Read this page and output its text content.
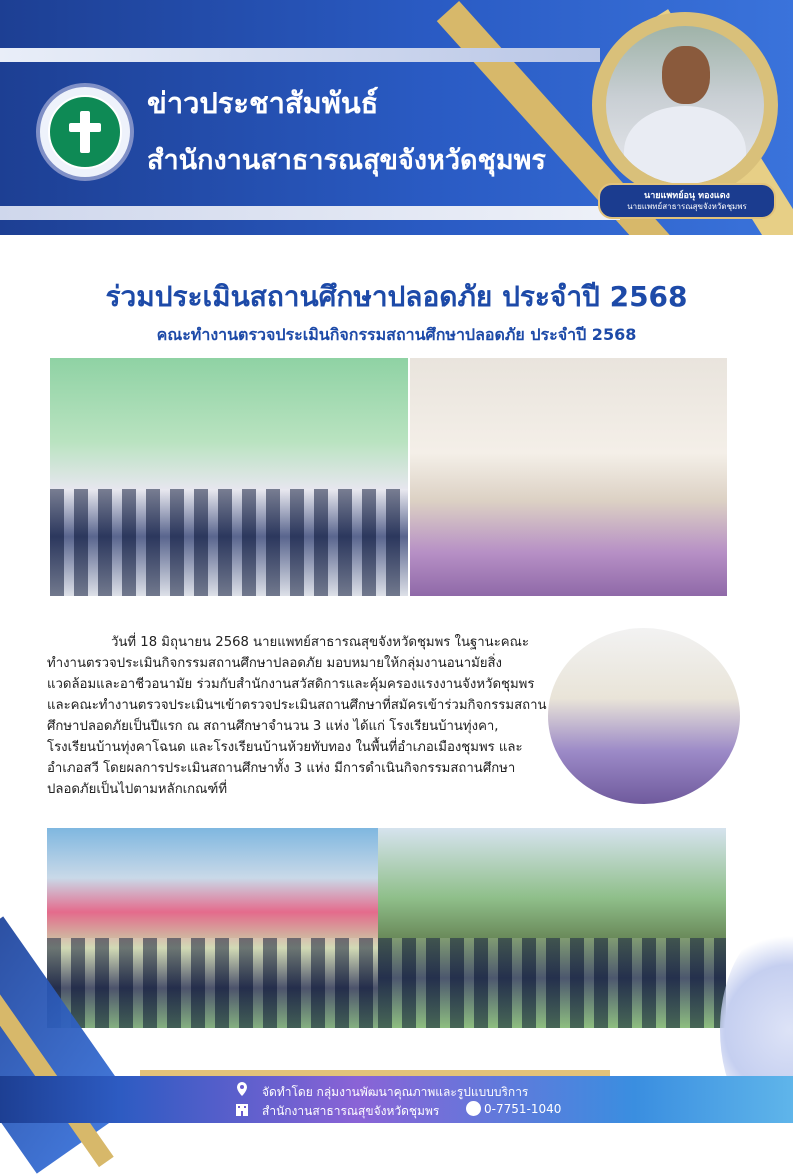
ข่าวประชาสัมพันธ์
สำนักงานสาธารณสุขจังหวัดชุมพร
นายแพทย์อนุ ทองแดง
นายแพทย์สาธารณสุขจังหวัดชุมพร
ร่วมประเมินสถานศึกษาปลอดภัย ประจำปี 2568
คณะทำงานตรวจประเมินกิจกรรมสถานศึกษาปลอดภัย ประจำปี 2568

วันที่ 18 มิถุนายน 2568 นายแพทย์สาธารณสุขจังหวัดชุมพร ในฐานะคณะทำงานตรวจประเมินกิจกรรมสถานศึกษาปลอดภัย มอบหมายให้กลุ่มงานอนามัยสิ่งแวดล้อมและอาชีวอนามัย ร่วมกับสำนักงานสวัสดิการและคุ้มครองแรงงานจังหวัดชุมพร และคณะทำงานตรวจประเมินฯเข้าตรวจประเมินสถานศึกษาที่สมัครเข้าร่วมกิจกรรมสถานศึกษาปลอดภัยเป็นปีแรก ณ สถานศึกษาจำนวน 3 แห่ง ได้แก่ โรงเรียนบ้านทุ่งคา, โรงเรียนบ้านทุ่งคาโฉนด และโรงเรียนบ้านห้วยทับทอง ในพื้นที่อำเภอเมืองชุมพร และอำเภอสวี โดยผลการประเมินสถานศึกษาทั้ง 3 แห่ง มีการดำเนินกิจกรรมสถานศึกษาปลอดภัยเป็นไปตามหลักเกณฑ์ที่

จัดทำโดย กลุ่มงานพัฒนาคุณภาพและรูปแบบบริการ
สำนักงานสาธารณสุขจังหวัดชุมพร	0-7751-1040
